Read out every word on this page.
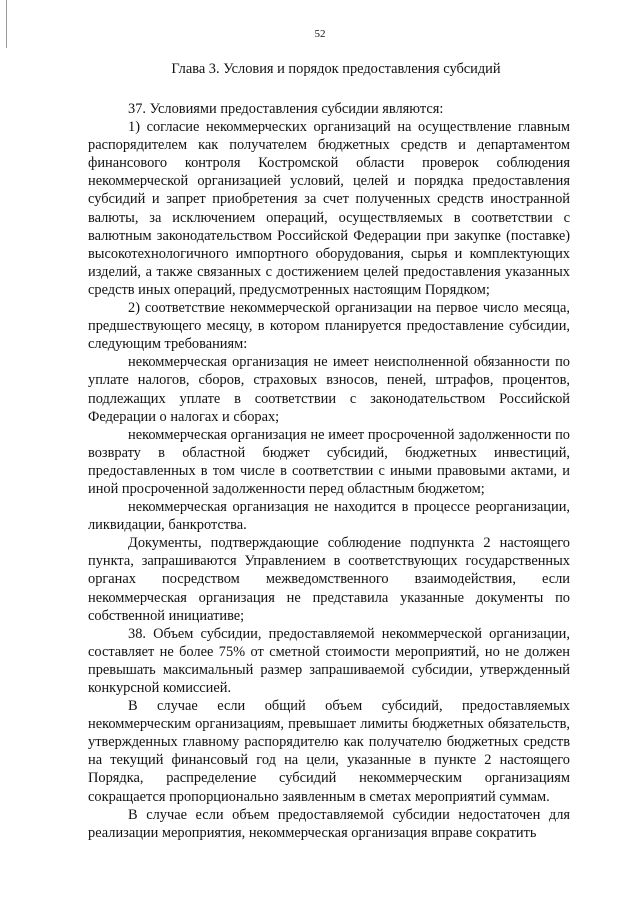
52
Глава 3. Условия и порядок предоставления субсидий

37. Условиями предоставления субсидии являются:

1) согласие некоммерческих организаций на осуществление главным распорядителем как получателем бюджетных средств и департаментом финансового контроля Костромской области проверок соблюдения некоммерческой организацией условий, целей и порядка предоставления субсидий и запрет приобретения за счет полученных средств иностранной валюты, за исключением операций, осуществляемых в соответствии с валютным законодательством Российской Федерации при закупке (поставке) высокотехнологичного импортного оборудования, сырья и комплектующих изделий, а также связанных с достижением целей предоставления указанных средств иных операций, предусмотренных настоящим Порядком;

2) соответствие некоммерческой организации на первое число месяца, предшествующего месяцу, в котором планируется предоставление субсидии, следующим требованиям:

некоммерческая организация не имеет неисполненной обязанности по уплате налогов, сборов, страховых взносов, пеней, штрафов, процентов, подлежащих уплате в соответствии с законодательством Российской Федерации о налогах и сборах;

некоммерческая организация не имеет просроченной задолженности по возврату в областной бюджет субсидий, бюджетных инвестиций, предоставленных в том числе в соответствии с иными правовыми актами, и иной просроченной задолженности перед областным бюджетом;

некоммерческая организация не находится в процессе реорганизации, ликвидации, банкротства.

Документы, подтверждающие соблюдение подпункта 2 настоящего пункта, запрашиваются Управлением в соответствующих государственных органах посредством межведомственного взаимодействия, если некоммерческая организация не представила указанные документы по собственной инициативе;

38. Объем субсидии, предоставляемой некоммерческой организации, составляет не более 75% от сметной стоимости мероприятий, но не должен превышать максимальный размер запрашиваемой субсидии, утвержденный конкурсной комиссией.

В случае если общий объем субсидий, предоставляемых некоммерческим организациям, превышает лимиты бюджетных обязательств, утвержденных главному распорядителю как получателю бюджетных средств на текущий финансовый год на цели, указанные в пункте 2 настоящего Порядка, распределение субсидий некоммерческим организациям сокращается пропорционально заявленным в сметах мероприятий суммам.

В случае если объем предоставляемой субсидии недостаточен для реализации мероприятия, некоммерческая организация вправе сократить
